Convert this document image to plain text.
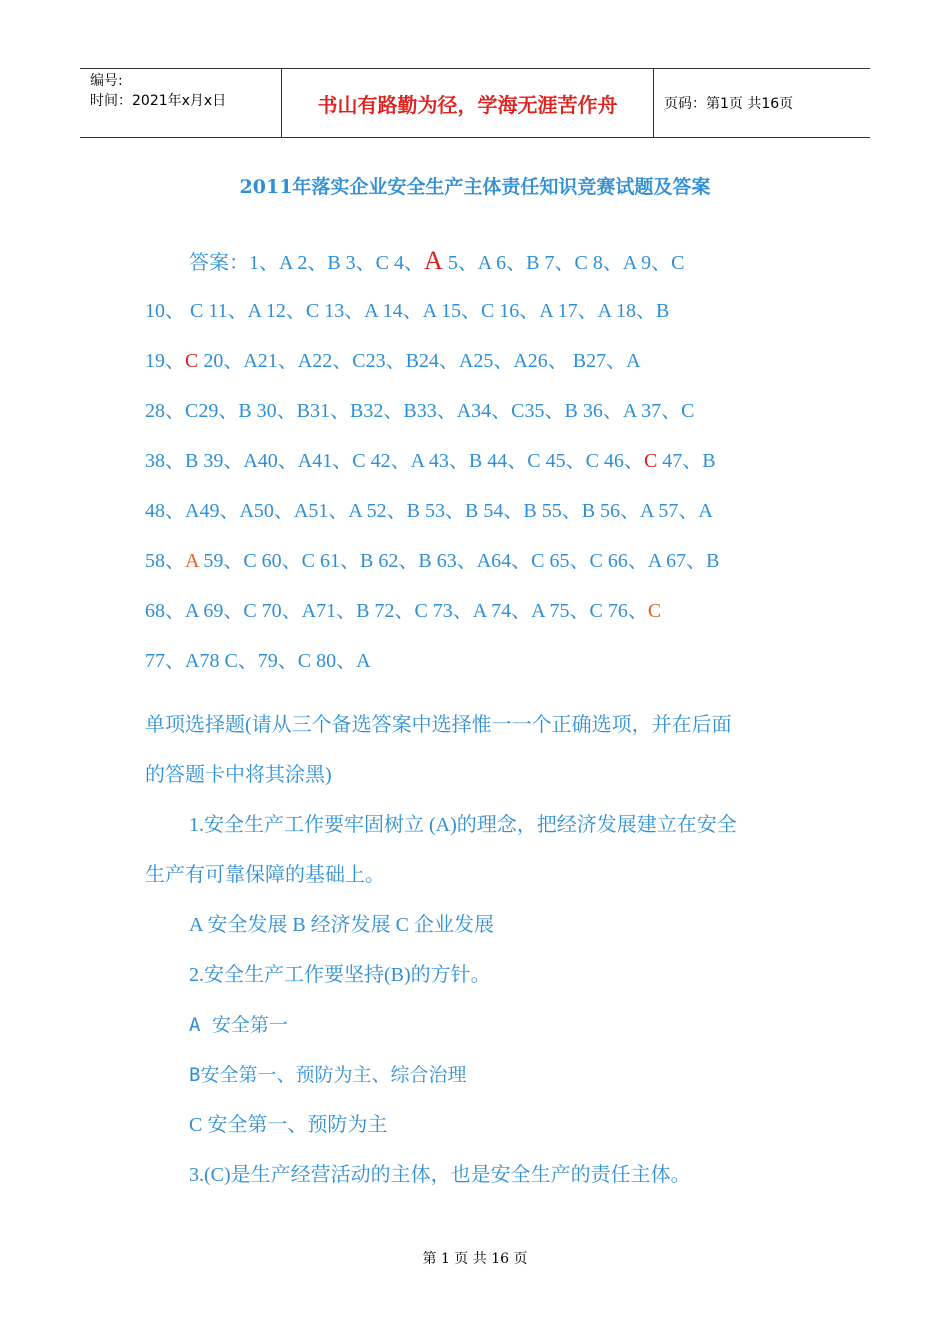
编号:
时间：2021年x月x日	书山有路勤为径，学海无涯苦作舟	页码：第1页 共16页
2011年落实企业安全生产主体责任知识竞赛试题及答案
答案：1、A 2、B 3、C 4、A 5、A 6、B 7、C 8、A 9、C
10、 C 11、A 12、C 13、A 14、A 15、C 16、A 17、A 18、B
19、C 20、A21、A22、C23、B24、A25、A26、 B27、A
28、C29、B 30、B31、B32、B33、A34、C35、B 36、A 37、C
38、B 39、A40、A41、C 42、A 43、B 44、C 45、C 46、C 47、B
48、A49、A50、A51、A 52、B 53、B 54、B 55、B 56、A 57、A
58、A 59、C 60、C 61、B 62、B 63、A64、C 65、C 66、A 67、B
68、A 69、C 70、A71、B 72、C 73、A 74、A 75、C 76、C
77、A78 C、79、C 80、A
单项选择题(请从三个备选答案中选择惟一一个正确选项，并在后面
的答题卡中将其涂黑)
1.安全生产工作要牢固树立 (A)的理念，把经济发展建立在安全
生产有可靠保障的基础上。
A 安全发展 B 经济发展 C 企业发展
2.安全生产工作要坚持(B)的方针。
A 安全第一
B安全第一、预防为主、综合治理
C 安全第一、预防为主
3.(C)是生产经营活动的主体，也是安全生产的责任主体。
第 1 页 共 16 页
